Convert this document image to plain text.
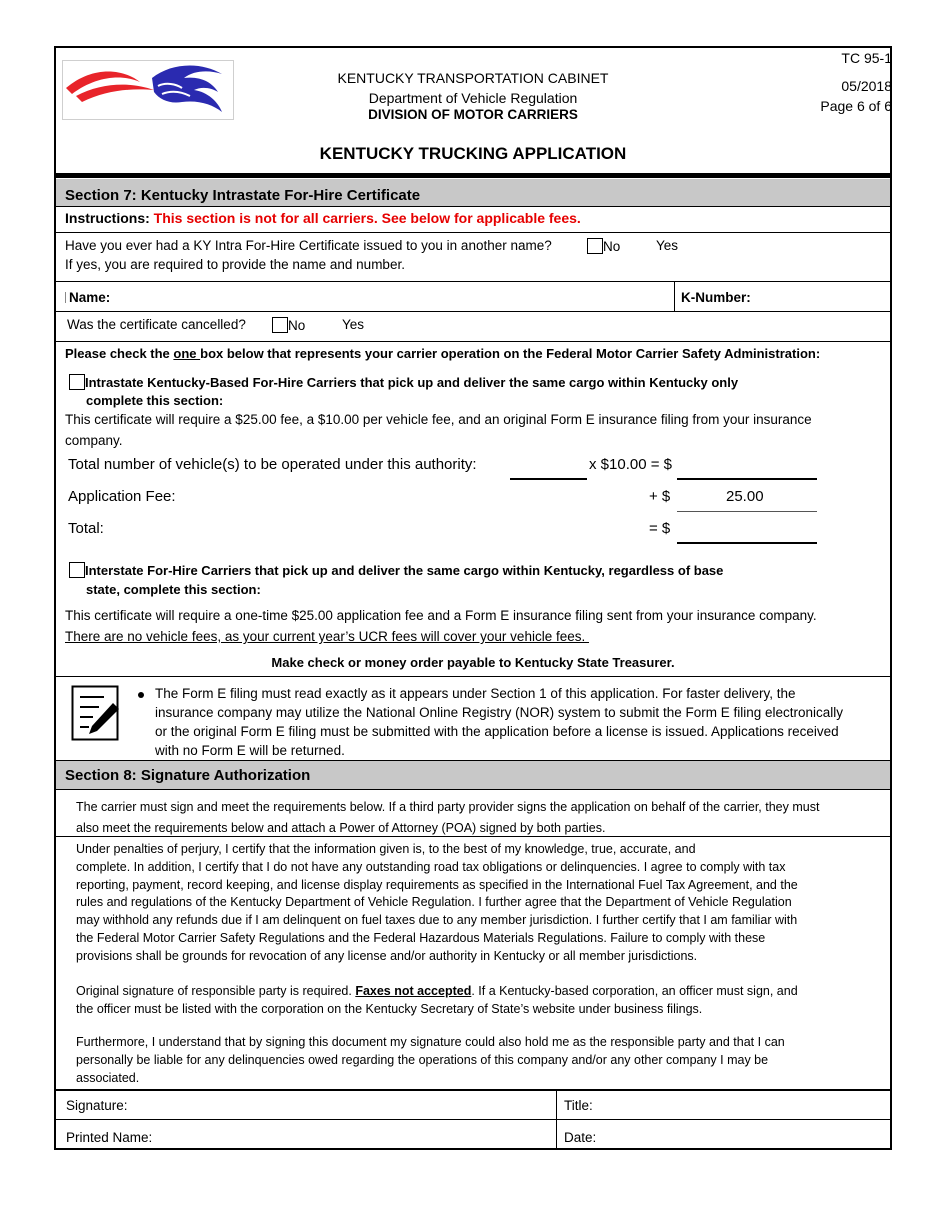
KENTUCKY TRANSPORTATION CABINET
Department of Vehicle Regulation
DIVISION OF MOTOR CARRIERS
TC 95-1
05/2018
Page 6 of 6
KENTUCKY TRUCKING APPLICATION
Section 7: Kentucky Intrastate For-Hire Certificate
Instructions: This section is not for all carriers. See below for applicable fees.
Have you ever had a KY Intra For-Hire Certificate issued to you in another name?	No	Yes
If yes, you are required to provide the name and number.
Name:	K-Number:
Was the certificate cancelled?	No	Yes
Please check the one box below that represents your carrier operation on the Federal Motor Carrier Safety Administration:
Intrastate Kentucky-Based For-Hire Carriers that pick up and deliver the same cargo within Kentucky only
complete this section:
This certificate will require a $25.00 fee, a $10.00 per vehicle fee, and an original Form E insurance filing from your insurance
company.
Total number of vehicle(s) to be operated under this authority:	x $10.00 = $
Application Fee:	+ $	25.00
Total:	= $
Interstate For-Hire Carriers that pick up and deliver the same cargo within Kentucky, regardless of base
state, complete this section:
This certificate will require a one-time $25.00 application fee and a Form E insurance filing sent from your insurance company.
There are no vehicle fees, as your current year’s UCR fees will cover your vehicle fees.
Make check or money order payable to Kentucky State Treasurer.
The Form E filing must read exactly as it appears under Section 1 of this application. For faster delivery, the
insurance company may utilize the National Online Registry (NOR) system to submit the Form E filing electronically
or the original Form E filing must be submitted with the application before a license is issued. Applications received
with no Form E will be returned.
Section 8: Signature Authorization
The carrier must sign and meet the requirements below. If a third party provider signs the application on behalf of the carrier, they must
also meet the requirements below and attach a Power of Attorney (POA) signed by both parties.
Under penalties of perjury, I certify that the information given is, to the best of my knowledge, true, accurate, and
complete. In addition, I certify that I do not have any outstanding road tax obligations or delinquencies. I agree to comply with tax
reporting, payment, record keeping, and license display requirements as specified in the International Fuel Tax Agreement, and the
rules and regulations of the Kentucky Department of Vehicle Regulation. I further agree that the Department of Vehicle Regulation
may withhold any refunds due if I am delinquent on fuel taxes due to any member jurisdiction. I further certify that I am familiar with
the Federal Motor Carrier Safety Regulations and the Federal Hazardous Materials Regulations. Failure to comply with these
provisions shall be grounds for revocation of any license and/or authority in Kentucky or all member jurisdictions.
Original signature of responsible party is required. Faxes not accepted. If a Kentucky-based corporation, an officer must sign, and
the officer must be listed with the corporation on the Kentucky Secretary of State’s website under business filings.
Furthermore, I understand that by signing this document my signature could also hold me as the responsible party and that I can
personally be liable for any delinquencies owed regarding the operations of this company and/or any other company I may be
associated.
Signature:	Title:
Printed Name:	Date:
